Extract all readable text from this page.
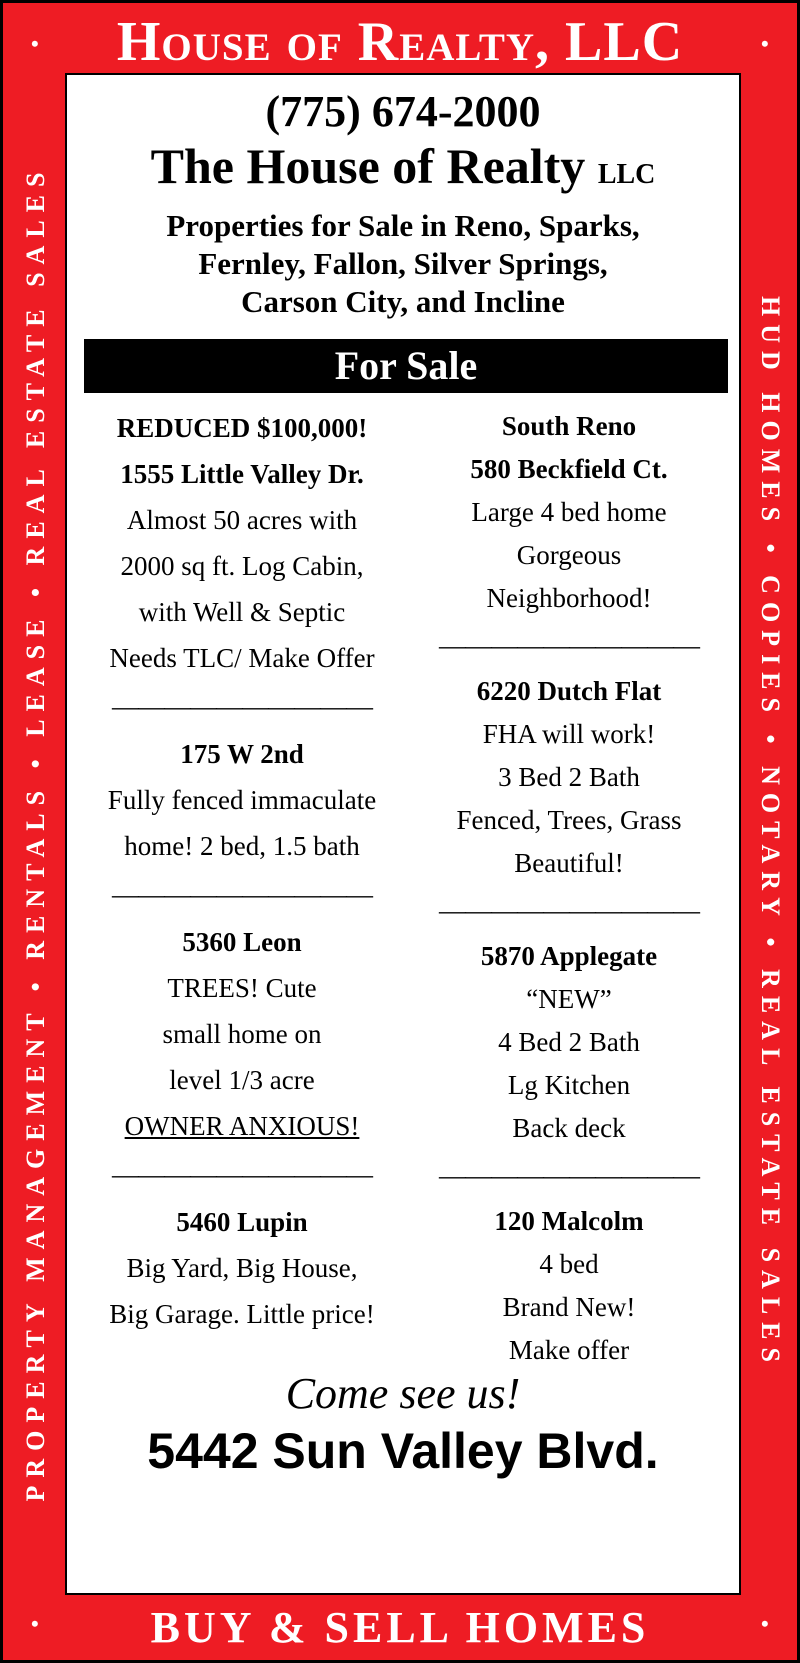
•	•
•	•
House of Realty, LLC
PROPERTY MANAGEMENT • RENTALS • LEASE • REAL ESTATE SALES	HUD HOMES • COPIES • NOTARY • REAL ESTATE SALES
(775) 674-2000
The House of Realty LLC
Properties for Sale in Reno, Sparks,
Fernley, Fallon, Silver Springs,
Carson City, and Incline
For Sale
REDUCED $100,000!
1555 Little Valley Dr.
Almost 50 acres with
2000 sq ft. Log Cabin,
with Well & Septic
Needs TLC/ Make Offer
——————————
175 W 2nd
Fully fenced immaculate
home! 2 bed, 1.5 bath
——————————
5360 Leon
TREES! Cute
small home on
level 1/3 acre
OWNER ANXIOUS!
——————————
5460 Lupin
Big Yard, Big House,
Big Garage. Little price!
South Reno
580 Beckfield Ct.
Large 4 bed home
Gorgeous
Neighborhood!
——————————
6220 Dutch Flat
FHA will work!
3 Bed 2 Bath
Fenced, Trees, Grass
Beautiful!
——————————
5870 Applegate
“NEW”
4 Bed 2 Bath
Lg Kitchen
Back deck
——————————
120 Malcolm
4 bed
Brand New!
Make offer
Come see us!
5442 Sun Valley Blvd.
BUY & SELL HOMES
